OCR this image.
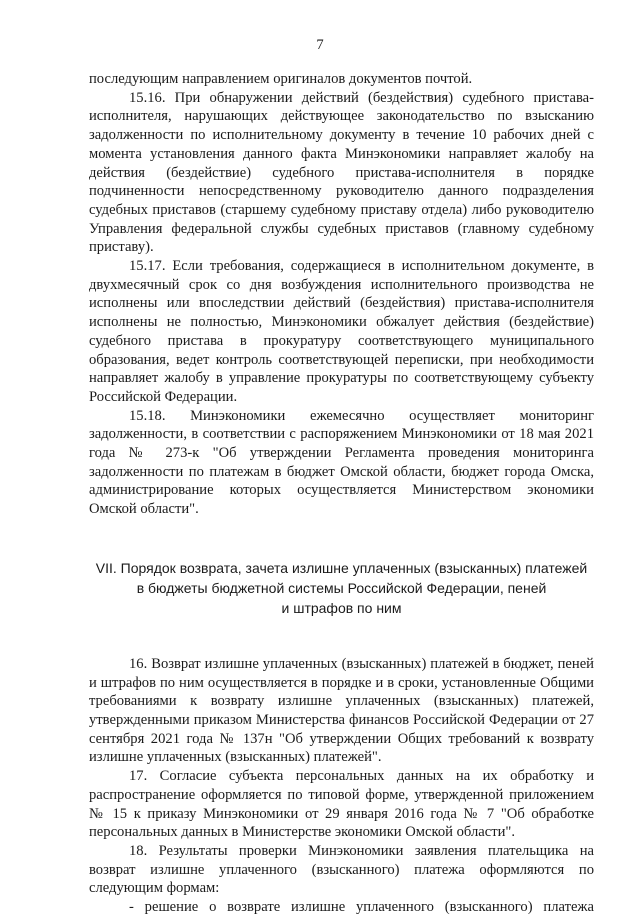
7

последующим направлением оригиналов документов почтой.

15.16. При обнаружении действий (бездействия) судебного пристава-исполнителя, нарушающих действующее законодательство по взысканию задолженности по исполнительному документу в течение 10 рабочих дней с момента установления данного факта Минэкономики направляет жалобу на действия (бездействие) судебного пристава-исполнителя в порядке подчиненности непосредственному руководителю данного подразделения судебных приставов (старшему судебному приставу отдела) либо руководителю Управления федеральной службы судебных приставов (главному судебному приставу).

15.17. Если требования, содержащиеся в исполнительном документе, в двухмесячный срок со дня возбуждения исполнительного производства не исполнены или впоследствии действий (бездействия) пристава-исполнителя исполнены не полностью, Минэкономики обжалует действия (бездействие) судебного пристава в прокуратуру соответствующего муниципального образования, ведет контроль соответствующей переписки, при необходимости направляет жалобу в управление прокуратуры по соответствующему субъекту Российской Федерации.

15.18. Минэкономики ежемесячно осуществляет мониторинг задолженности, в соответствии с распоряжением Минэкономики от 18 мая 2021 года № 273-к "Об утверждении Регламента проведения мониторинга задолженности по платежам в бюджет Омской области, бюджет города Омска, администрирование которых осуществляется Министерством экономики Омской области".

VII. Порядок возврата, зачета излишне уплаченных (взысканных) платежей
в бюджеты бюджетной системы Российской Федерации, пеней
и штрафов по ним

16. Возврат излишне уплаченных (взысканных) платежей в бюджет, пеней и штрафов по ним осуществляется в порядке и в сроки, установленные Общими требованиями к возврату излишне уплаченных (взысканных) платежей, утвержденными приказом Министерства финансов Российской Федерации от 27 сентября 2021 года № 137н "Об утверждении Общих требований к возврату излишне уплаченных (взысканных) платежей".

17. Согласие субъекта персональных данных на их обработку и распространение оформляется по типовой форме, утвержденной приложением № 15 к приказу Минэкономики от 29 января 2016 года № 7 "Об обработке персональных данных в Министерстве экономики Омской области".

18. Результаты проверки Минэкономики заявления плательщика на возврат излишне уплаченного (взысканного) платежа оформляются по следующим формам:

- решение о возврате излишне уплаченного (взысканного) платежа
